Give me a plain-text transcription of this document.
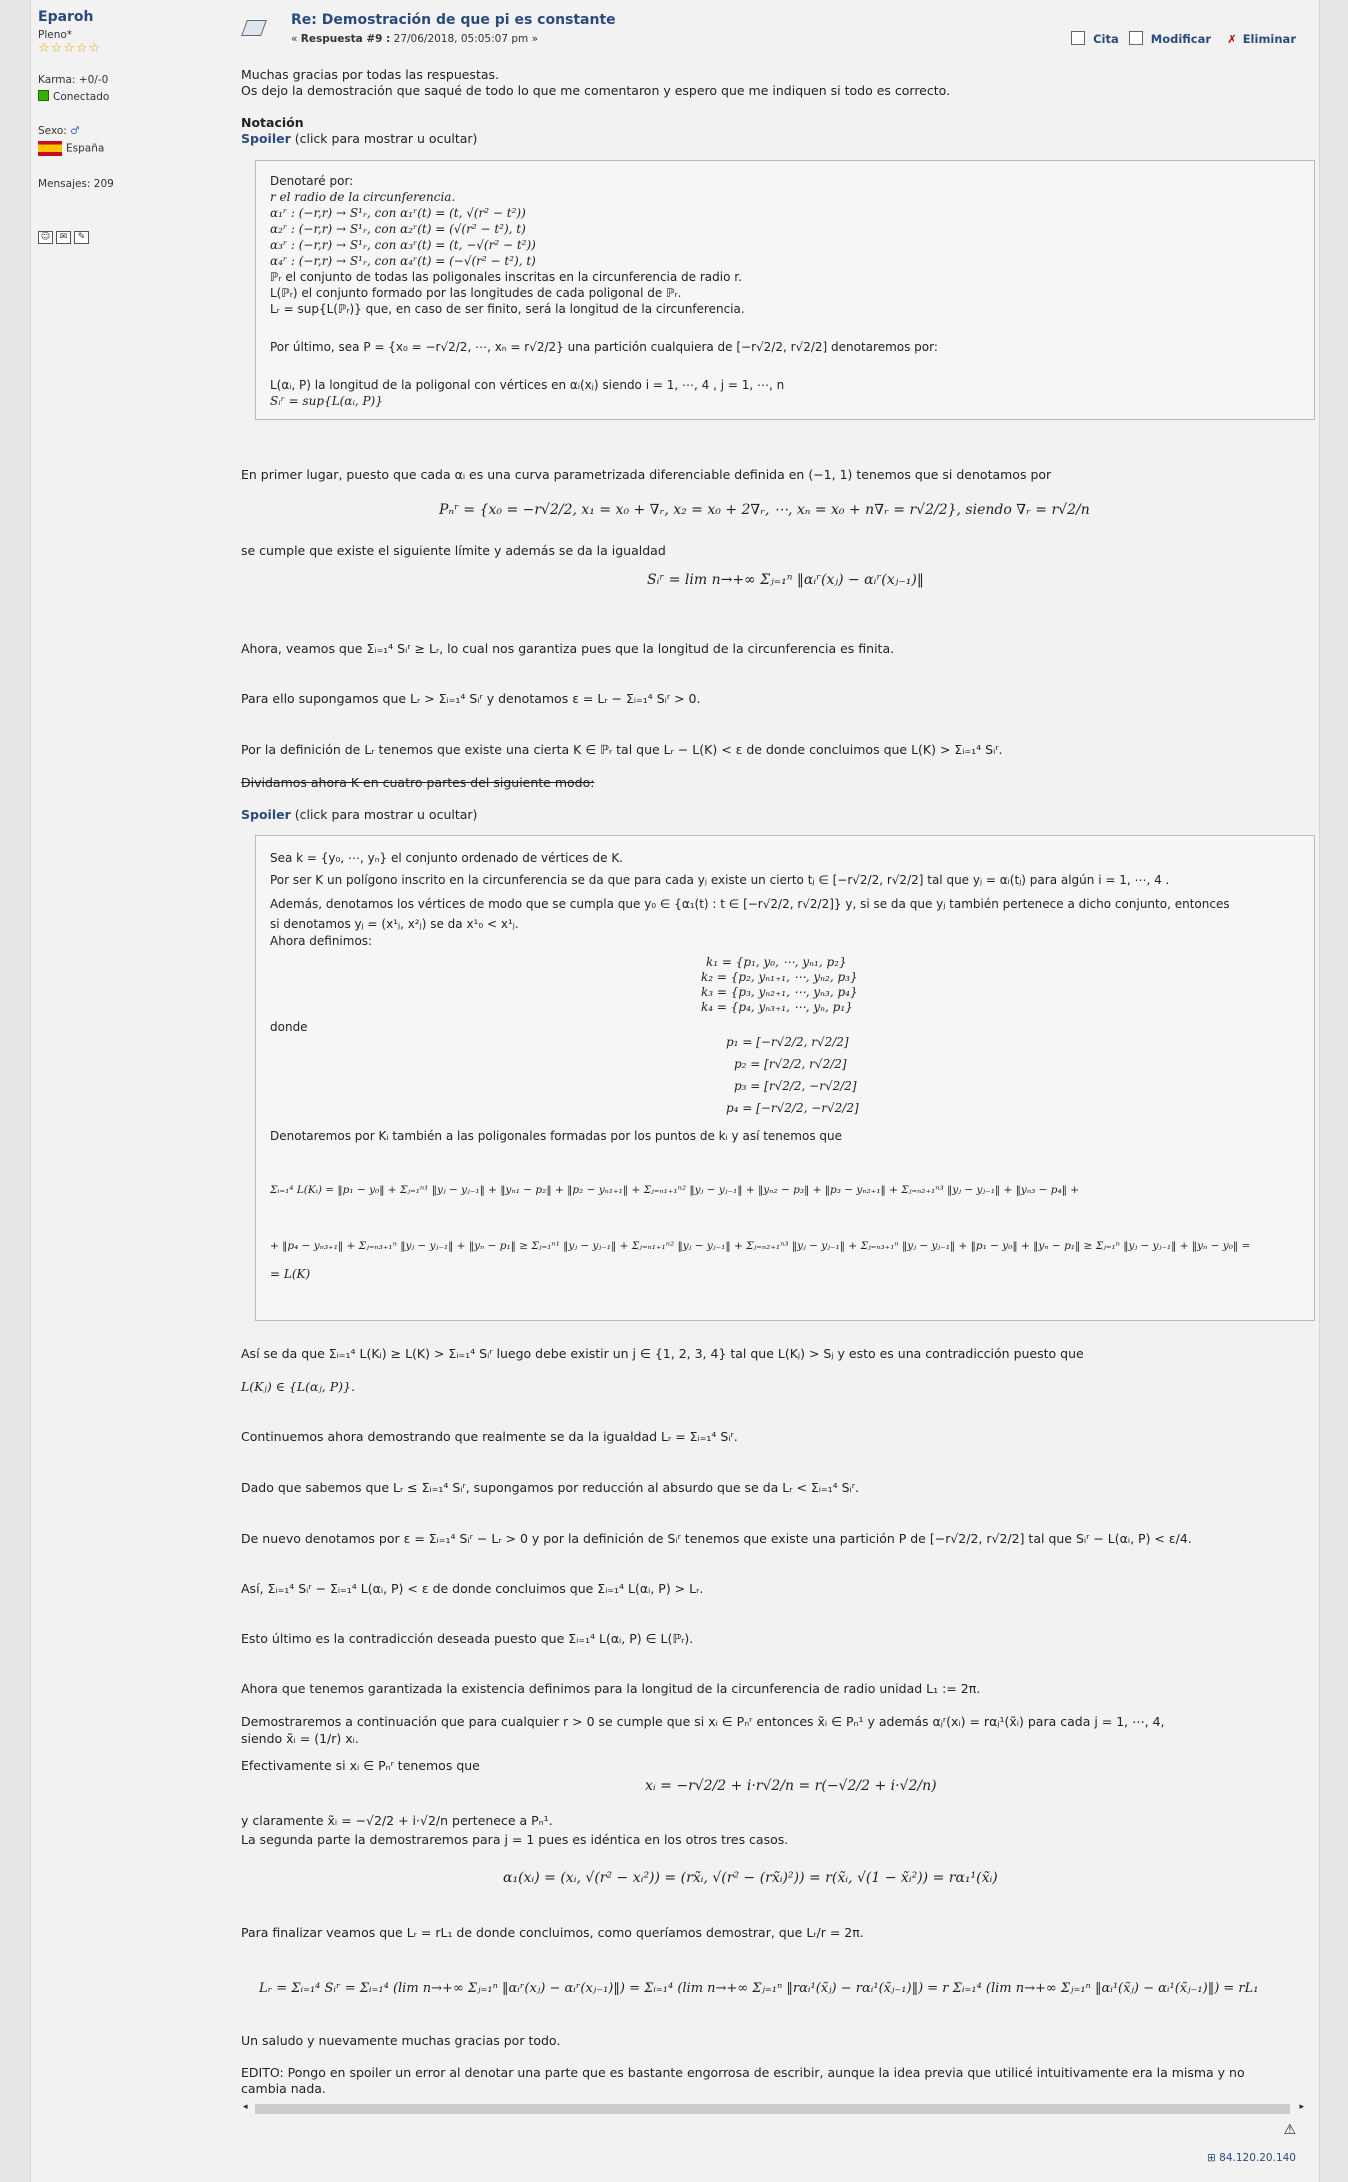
Eparoh
Pleno*
☆☆☆☆☆
Karma: +0/-0
Conectado
Sexo: ♂
España
Mensajes: 209
☺ ✉ ✎
Re: Demostración de que pi es constante
« Respuesta #9 : 27/06/2018, 05:05:07 pm »	Cita	Modificar ✗ Eliminar
Muchas gracias por todas las respuestas.
Os dejo la demostración que saqué de todo lo que me comentaron y espero que me indiquen si todo es correcto.
Notación
Spoiler (click para mostrar u ocultar)
Denotaré por:
r el radio de la circunferencia.
α₁ʳ : (−r,r) → S¹ᵣ, con α₁ʳ(t) = (t, √(r² − t²))
α₂ʳ : (−r,r) → S¹ᵣ, con α₂ʳ(t) = (√(r² − t²), t)
α₃ʳ : (−r,r) → S¹ᵣ, con α₃ʳ(t) = (t, −√(r² − t²))
α₄ʳ : (−r,r) → S¹ᵣ, con α₄ʳ(t) = (−√(r² − t²), t)
ℙᵣ el conjunto de todas las poligonales inscritas en la circunferencia de radio r.
L(ℙᵣ) el conjunto formado por las longitudes de cada poligonal de ℙᵣ.
Lᵣ = sup{L(ℙᵣ)} que, en caso de ser finito, será la longitud de la circunferencia.
Por último, sea P = {x₀ = −r√2/2, ⋯, xₙ = r√2/2} una partición cualquiera de [−r√2/2, r√2/2] denotaremos por:
L(αᵢ, P) la longitud de la poligonal con vértices en αᵢ(xⱼ) siendo i = 1, ⋯, 4 , j = 1, ⋯, n
Sᵢʳ = sup{L(αᵢ, P)}
En primer lugar, puesto que cada αᵢ es una curva parametrizada diferenciable definida en (−1, 1) tenemos que si denotamos por
Pₙʳ = {x₀ = −r√2/2, x₁ = x₀ + ∇ᵣ, x₂ = x₀ + 2∇ᵣ, ⋯, xₙ = x₀ + n∇ᵣ = r√2/2}, siendo ∇ᵣ = r√2/n
se cumple que existe el siguiente límite y además se da la igualdad
Sᵢʳ = lim n→+∞ Σⱼ₌₁ⁿ ‖αᵢʳ(xⱼ) − αᵢʳ(xⱼ₋₁)‖
Ahora, veamos que Σᵢ₌₁⁴ Sᵢʳ ≥ Lᵣ, lo cual nos garantiza pues que la longitud de la circunferencia es finita.
Para ello supongamos que Lᵣ > Σᵢ₌₁⁴ Sᵢʳ y denotamos ε = Lᵣ − Σᵢ₌₁⁴ Sᵢʳ > 0.
Por la definición de Lᵣ tenemos que existe una cierta K ∈ ℙᵣ tal que Lᵣ − L(K) < ε de donde concluimos que L(K) > Σᵢ₌₁⁴ Sᵢʳ.
Dividamos ahora K en cuatro partes del siguiente modo:
Spoiler (click para mostrar u ocultar)
Sea k = {y₀, ⋯, yₙ} el conjunto ordenado de vértices de K.
Por ser K un polígono inscrito en la circunferencia se da que para cada yⱼ existe un cierto tⱼ ∈ [−r√2/2, r√2/2] tal que yⱼ = αᵢ(tⱼ) para algún i = 1, ⋯, 4 .
Además, denotamos los vértices de modo que se cumpla que y₀ ∈ {α₁(t) : t ∈ [−r√2/2, r√2/2]} y, si se da que yⱼ también pertenece a dicho conjunto, entonces
si denotamos yⱼ = (x¹ⱼ, x²ⱼ) se da x¹₀ < x¹ⱼ.
Ahora definimos:
k₁ = {p₁, y₀, ⋯, yₙ₁, p₂}
k₂ = {p₂, yₙ₁₊₁, ⋯, yₙ₂, p₃}
k₃ = {p₃, yₙ₂₊₁, ⋯, yₙ₃, p₄}
k₄ = {p₄, yₙ₃₊₁, ⋯, yₙ, p₁}
donde
p₁ = [−r√2/2, r√2/2]
p₂ = [r√2/2, r√2/2]
p₃ = [r√2/2, −r√2/2]
p₄ = [−r√2/2, −r√2/2]
Denotaremos por Kᵢ también a las poligonales formadas por los puntos de kᵢ y así tenemos que
Σᵢ₌₁⁴ L(Kᵢ) = ‖p₁ − y₀‖ + Σⱼ₌₁ⁿ¹ ‖yⱼ − yⱼ₋₁‖ + ‖yₙ₁ − p₂‖ + ‖p₂ − yₙ₁₊₁‖ + Σⱼ₌ₙ₁₊₁ⁿ² ‖yⱼ − yⱼ₋₁‖ + ‖yₙ₂ − p₃‖ + ‖p₃ − yₙ₂₊₁‖ + Σⱼ₌ₙ₂₊₁ⁿ³ ‖yⱼ − yⱼ₋₁‖ + ‖yₙ₃ − p₄‖ +
+ ‖p₄ − yₙ₃₊₁‖ + Σⱼ₌ₙ₃₊₁ⁿ ‖yⱼ − yⱼ₋₁‖ + ‖yₙ − p₁‖ ≥ Σⱼ₌₁ⁿ¹ ‖yⱼ − yⱼ₋₁‖ + Σⱼ₌ₙ₁₊₁ⁿ² ‖yⱼ − yⱼ₋₁‖ + Σⱼ₌ₙ₂₊₁ⁿ³ ‖yⱼ − yⱼ₋₁‖ + Σⱼ₌ₙ₃₊₁ⁿ ‖yⱼ − yⱼ₋₁‖ + ‖p₁ − y₀‖ + ‖yₙ − p₁‖ ≥ Σⱼ₌₁ⁿ ‖yⱼ − yⱼ₋₁‖ + ‖yₙ − y₀‖ =
= L(K)
Así se da que Σᵢ₌₁⁴ L(Kᵢ) ≥ L(K) > Σᵢ₌₁⁴ Sᵢʳ luego debe existir un j ∈ {1, 2, 3, 4} tal que L(Kⱼ) > Sⱼ y esto es una contradicción puesto que
L(Kⱼ) ∈ {L(αⱼ, P)}.
Continuemos ahora demostrando que realmente se da la igualdad Lᵣ = Σᵢ₌₁⁴ Sᵢʳ.
Dado que sabemos que Lᵣ ≤ Σᵢ₌₁⁴ Sᵢʳ, supongamos por reducción al absurdo que se da Lᵣ < Σᵢ₌₁⁴ Sᵢʳ.
De nuevo denotamos por ε = Σᵢ₌₁⁴ Sᵢʳ − Lᵣ > 0 y por la definición de Sᵢʳ tenemos que existe una partición P de [−r√2/2, r√2/2] tal que Sᵢʳ − L(αᵢ, P) < ε/4.
Así, Σᵢ₌₁⁴ Sᵢʳ − Σᵢ₌₁⁴ L(αᵢ, P) < ε de donde concluimos que Σᵢ₌₁⁴ L(αᵢ, P) > Lᵣ.
Esto último es la contradicción deseada puesto que Σᵢ₌₁⁴ L(αᵢ, P) ∈ L(ℙᵣ).
Ahora que tenemos garantizada la existencia definimos para la longitud de la circunferencia de radio unidad L₁ := 2π.
Demostraremos a continuación que para cualquier r > 0 se cumple que si xᵢ ∈ Pₙʳ entonces x̃ᵢ ∈ Pₙ¹ y además αⱼʳ(xᵢ) = rαⱼ¹(x̃ᵢ) para cada j = 1, ⋯, 4,
siendo x̃ᵢ = (1/r) xᵢ.
Efectivamente si xᵢ ∈ Pₙʳ tenemos que
xᵢ = −r√2/2 + i·r√2/n = r(−√2/2 + i·√2/n)
y claramente x̃ᵢ = −√2/2 + i·√2/n pertenece a Pₙ¹.
La segunda parte la demostraremos para j = 1 pues es idéntica en los otros tres casos.
α₁(xᵢ) = (xᵢ, √(r² − xᵢ²)) = (rx̃ᵢ, √(r² − (rx̃ᵢ)²)) = r(x̃ᵢ, √(1 − x̃ᵢ²)) = rα₁¹(x̃ᵢ)
Para finalizar veamos que Lᵣ = rL₁ de donde concluimos, como queríamos demostrar, que Lᵣ/r = 2π.
Lᵣ = Σᵢ₌₁⁴ Sᵢʳ = Σᵢ₌₁⁴ (lim n→+∞ Σⱼ₌₁ⁿ ‖αᵢʳ(xⱼ) − αᵢʳ(xⱼ₋₁)‖) = Σᵢ₌₁⁴ (lim n→+∞ Σⱼ₌₁ⁿ ‖rαᵢ¹(x̃ⱼ) − rαᵢ¹(x̃ⱼ₋₁)‖) = r Σᵢ₌₁⁴ (lim n→+∞ Σⱼ₌₁ⁿ ‖αᵢ¹(x̃ⱼ) − αᵢ¹(x̃ⱼ₋₁)‖) = rL₁
Un saludo y nuevamente muchas gracias por todo.
EDITO: Pongo en spoiler un error al denotar una parte que es bastante engorrosa de escribir, aunque la idea previa que utilicé intuitivamente era la misma y no
cambia nada.
◂	▸
⚠
⊞ 84.120.20.140
